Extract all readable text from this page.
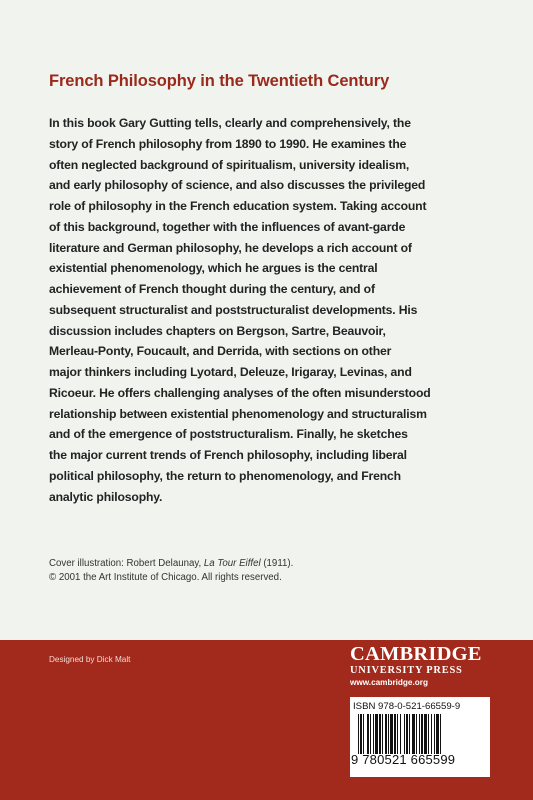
French Philosophy in the Twentieth Century
In this book Gary Gutting tells, clearly and comprehensively, the
story of French philosophy from 1890 to 1990. He examines the
often neglected background of spiritualism, university idealism,
and early philosophy of science, and also discusses the privileged
role of philosophy in the French education system. Taking account
of this background, together with the influences of avant-garde
literature and German philosophy, he develops a rich account of
existential phenomenology, which he argues is the central
achievement of French thought during the century, and of
subsequent structuralist and poststructuralist developments. His
discussion includes chapters on Bergson, Sartre, Beauvoir,
Merleau-Ponty, Foucault, and Derrida, with sections on other
major thinkers including Lyotard, Deleuze, Irigaray, Levinas, and
Ricoeur. He offers challenging analyses of the often misunderstood
relationship between existential phenomenology and structuralism
and of the emergence of poststructuralism. Finally, he sketches
the major current trends of French philosophy, including liberal
political philosophy, the return to phenomenology, and French
analytic philosophy.
Cover illustration: Robert Delaunay, La Tour Eiffel (1911).
© 2001 the Art Institute of Chicago. All rights reserved.
Designed by Dick Malt	CAMBRIDGE
UNIVERSITY PRESS
www.cambridge.org
ISBN 978-0-521-66559-9
9 780521 665599
